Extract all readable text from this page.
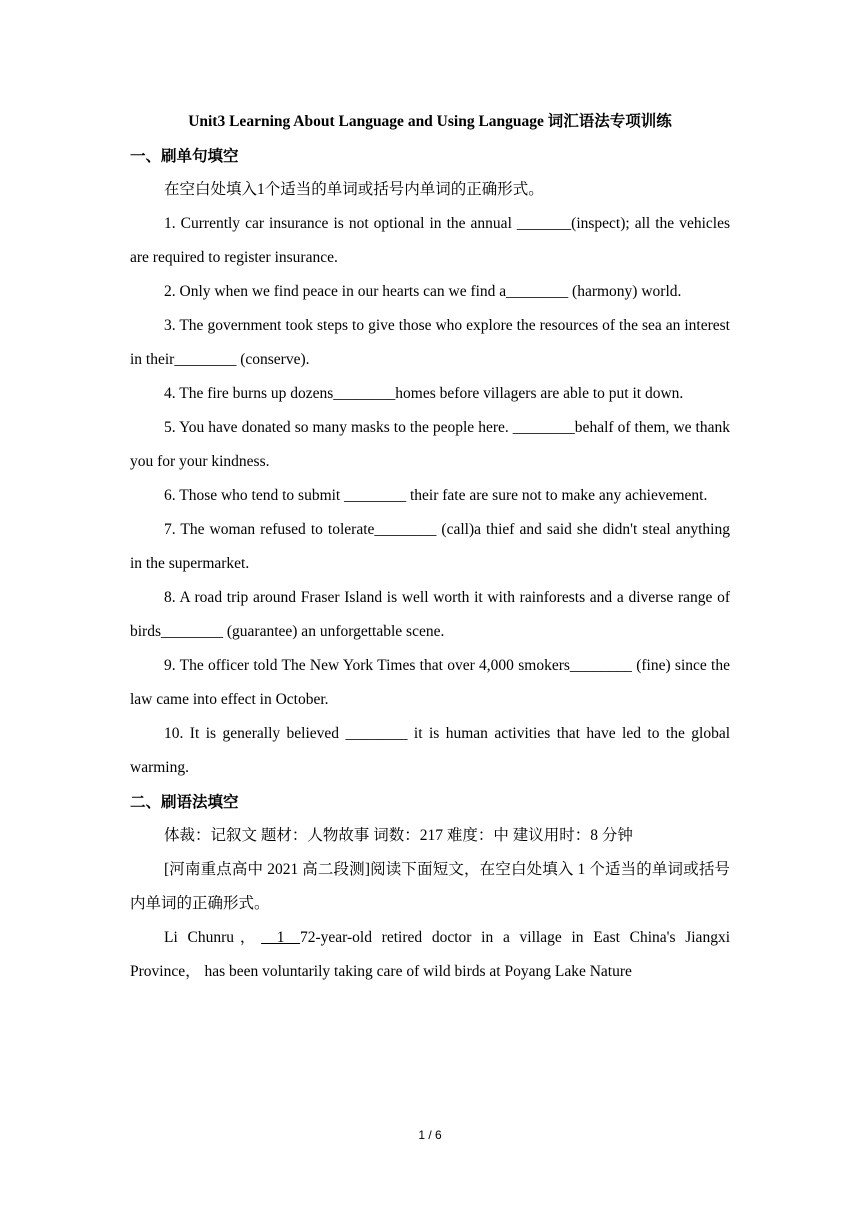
Unit3 Learning About Language and Using Language 词汇语法专项训练
一、刷单句填空

在空白处填入1个适当的单词或括号内单词的正确形式。

1. Currently car insurance is not optional in the annual _______(inspect); all the vehicles are required to register insurance.

2. Only when we find peace in our hearts can we find a________ (harmony) world.

3. The government took steps to give those who explore the resources of the sea an interest in their________ (conserve).

4. The fire burns up dozens________homes before villagers are able to put it down.

5. You have donated so many masks to the people here. ________behalf of them, we thank you for your kindness.

6. Those who tend to submit ________ their fate are sure not to make any achievement.

7. The woman refused to tolerate________ (call)a thief and said she didn't steal anything in the supermarket.

8. A road trip around Fraser Island is well worth it with rainforests and a diverse range of birds________ (guarantee) an unforgettable scene.

9. The officer told The New York Times that over 4,000 smokers________ (fine) since the law came into effect in October.

10. It is generally believed ________ it is human activities that have led to the global warming.

二、刷语法填空

体裁：记叙文 题材：人物故事 词数：217 难度：中 建议用时：8 分钟

[河南重点高中 2021 高二段测]阅读下面短文，在空白处填入 1 个适当的单词或括号内单词的正确形式。

Li Chunru，__1__72-year-old retired doctor in a village in East China's Jiangxi Province， has been voluntarily taking care of wild birds at Poyang Lake Nature

1 / 6
